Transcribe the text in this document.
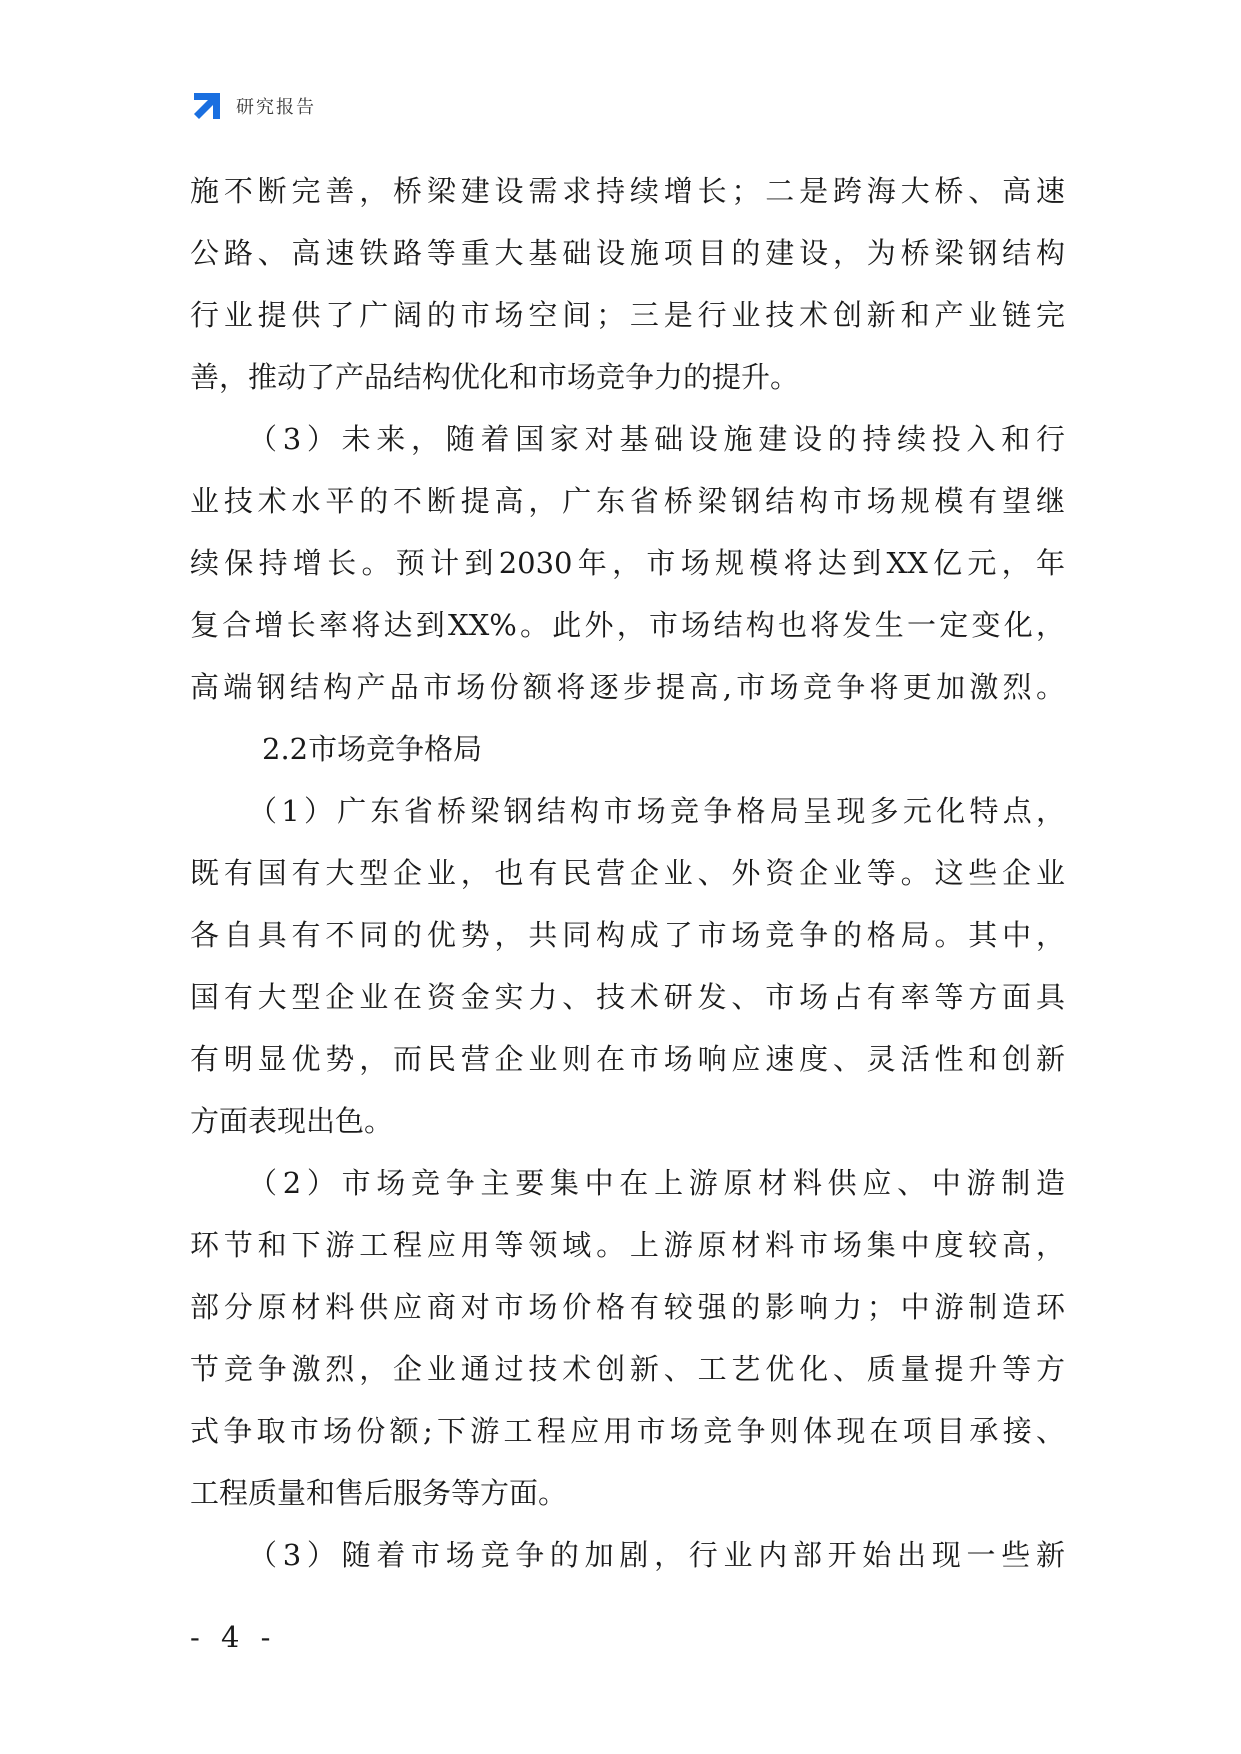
研究报告
施不断完善，桥梁建设需求持续增长；二是跨海大桥、高速
公路、高速铁路等重大基础设施项目的建设，为桥梁钢结构
行业提供了广阔的市场空间；三是行业技术创新和产业链完
善，推动了产品结构优化和市场竞争力的提升。
（3）未来，随着国家对基础设施建设的持续投入和行
业技术水平的不断提高，广东省桥梁钢结构市场规模有望继
续保持增长。预计到2030年，市场规模将达到XX亿元，年
复合增长率将达到XX%。此外，市场结构也将发生一定变化，
高端钢结构产品市场份额将逐步提高,市场竞争将更加激烈。
2.2市场竞争格局
（1）广东省桥梁钢结构市场竞争格局呈现多元化特点，
既有国有大型企业，也有民营企业、外资企业等。这些企业
各自具有不同的优势，共同构成了市场竞争的格局。其中，
国有大型企业在资金实力、技术研发、市场占有率等方面具
有明显优势，而民营企业则在市场响应速度、灵活性和创新
方面表现出色。
（2）市场竞争主要集中在上游原材料供应、中游制造
环节和下游工程应用等领域。上游原材料市场集中度较高，
部分原材料供应商对市场价格有较强的影响力；中游制造环
节竞争激烈，企业通过技术创新、工艺优化、质量提升等方
式争取市场份额;下游工程应用市场竞争则体现在项目承接、
工程质量和售后服务等方面。
（3）随着市场竞争的加剧，行业内部开始出现一些新
- 4 -
